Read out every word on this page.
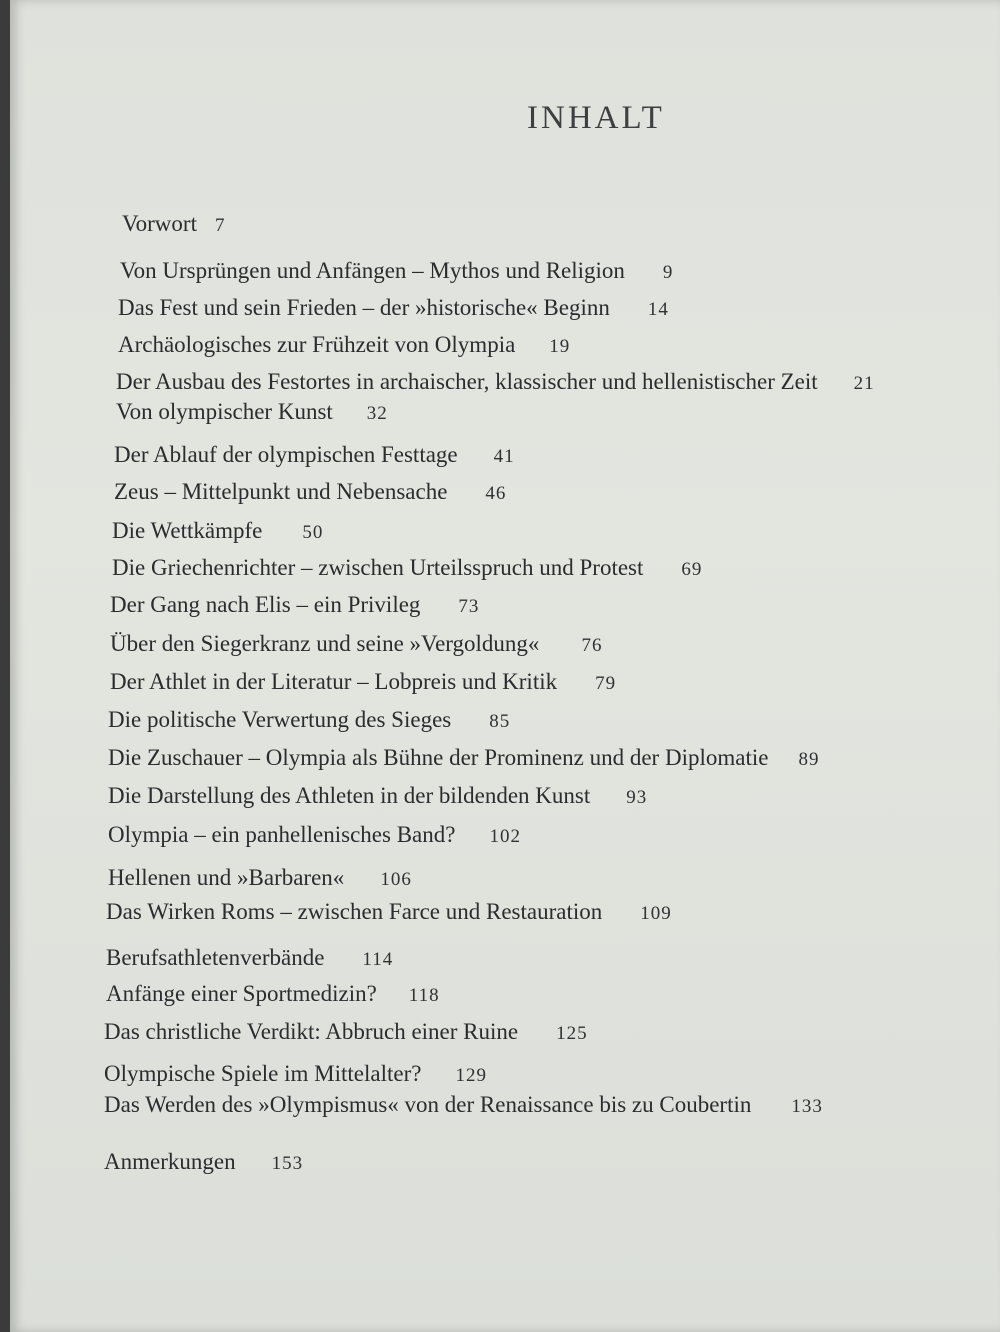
INHALT
Vorwort 7
Von Ursprüngen und Anfängen – Mythos und Religion 9
Das Fest und sein Frieden – der »historische« Beginn 14
Archäologisches zur Frühzeit von Olympia 19
Der Ausbau des Festortes in archaischer, klassischer und hellenistischer Zeit 21
Von olympischer Kunst 32
Der Ablauf der olympischen Festtage 41
Zeus – Mittelpunkt und Nebensache 46
Die Wettkämpfe 50
Die Griechenrichter – zwischen Urteilsspruch und Protest 69
Der Gang nach Elis – ein Privileg 73
Über den Siegerkranz und seine »Vergoldung« 76
Der Athlet in der Literatur – Lobpreis und Kritik 79
Die politische Verwertung des Sieges 85
Die Zuschauer – Olympia als Bühne der Prominenz und der Diplomatie 89
Die Darstellung des Athleten in der bildenden Kunst 93
Olympia – ein panhellenisches Band? 102
Hellenen und »Barbaren« 106
Das Wirken Roms – zwischen Farce und Restauration 109
Berufsathletenverbände 114
Anfänge einer Sportmedizin? 118
Das christliche Verdikt: Abbruch einer Ruine 125
Olympische Spiele im Mittelalter? 129
Das Werden des »Olympismus« von der Renaissance bis zu Coubertin 133
Anmerkungen 153
